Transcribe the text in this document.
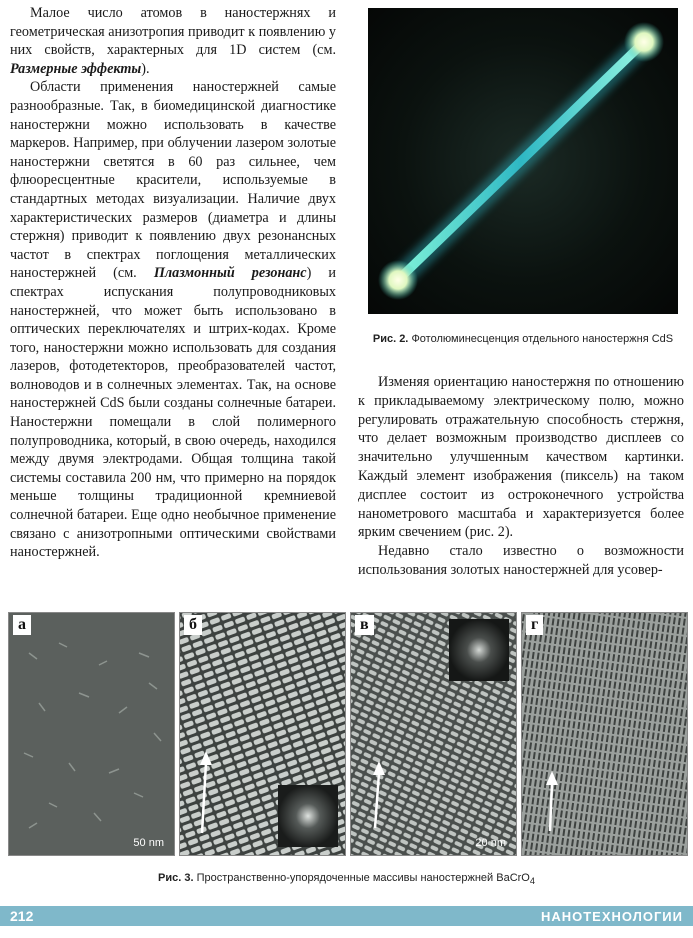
Малое число атомов в наностержнях и геометрическая анизотропия приводит к появлению у них свойств, характерных для 1D систем (см. Размерные эффекты).

Области применения наностержней самые разнообразные. Так, в биомедицинской диагностике наностержни можно использовать в качестве маркеров. Например, при облучении лазером золотые наностержни светятся в 60 раз сильнее, чем флюоресцентные красители, используемые в стандартных методах визуализации. Наличие двух характеристических размеров (диаметра и длины стержня) приводит к появлению двух резонансных частот в спектрах поглощения металлических наностержней (см. Плазмонный резонанс) и спектрах испускания полупроводниковых наностержней, что может быть использовано в оптических переключателях и штрих-кодах. Кроме того, наностержни можно использовать для создания лазеров, фотодетекторов, преобразователей частот, волноводов и в солнечных элементах. Так, на основе наностержней CdS были созданы солнечные батареи. Наностержни помещали в слой полимерного полупроводника, который, в свою очередь, находился между двумя электродами. Общая толщина такой системы составила 200 нм, что примерно на порядок меньше толщины традиционной кремниевой солнечной батареи. Еще одно необычное применение связано с анизотропными оптическими свойствами наностержней.

Рис. 2. Фотолюминесценция отдельного наностержня CdS

Изменяя ориентацию наностержня по отношению к прикладываемому электрическому полю, можно регулировать отражательную способность стержня, что делает возможным производство дисплеев со значительно улучшенным качеством картинки. Каждый элемент изображения (пиксель) на таком дисплее состоит из остроконечного устройства нанометрового масштаба и характеризуется более ярким свечением (рис. 2).

Недавно стало известно о возможности использования золотых наностержней для усовер-

а
50 nm
б	в
20 nm
г
Рис. 3. Пространственно-упорядоченные массивы наностержней BaCrO$_4$
212	НАНОТЕХНОЛОГИИ
